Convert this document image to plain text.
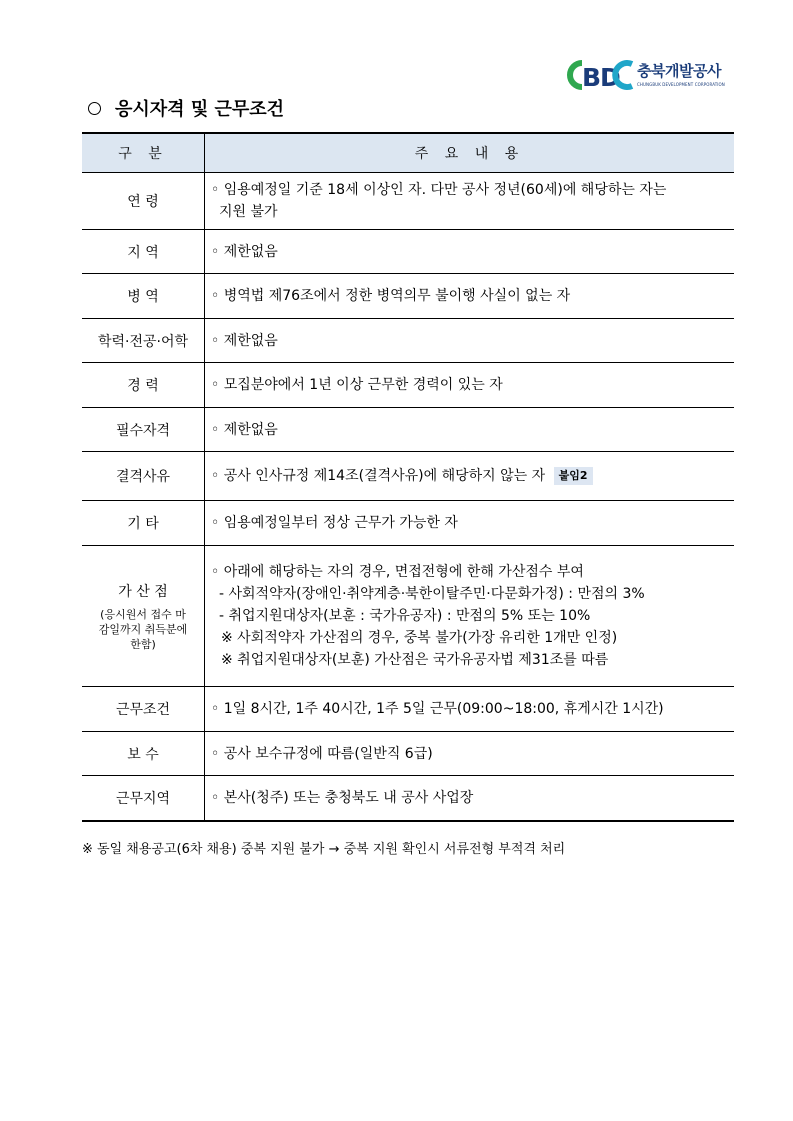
B
D 충북개발공사
CHUNGBUK DEVELOPMENT CORPORATION
응시자격 및 근무조건
구 분	주 요 내 용
연 령	◦ 임용예정일 기준 18세 이상인 자. 다만 공사 정년(60세)에 해당하는 자는

지원 불가

지 역	◦ 제한없음
병 역	◦ 병역법 제76조에서 정한 병역의무 불이행 사실이 없는 자
학력·전공·어학	◦ 제한없음
경 력	◦ 모집분야에서 1년 이상 근무한 경력이 있는 자
필수자격	◦ 제한없음
결격사유	◦ 공사 인사규정 제14조(결격사유)에 해당하지 않는 자 붙임2
기 타	◦ 임용예정일부터 정상 근무가 가능한 자
가 산 점
(응시원서 접수 마감일까지 취득분에 한함)	◦ 아래에 해당하는 자의 경우, 면접전형에 한해 가산점수 부여

- 사회적약자(장애인·취약계층·북한이탈주민·다문화가정) : 만점의 3%
- 취업지원대상자(보훈 : 국가유공자) : 만점의 5% 또는 10%
※ 사회적약자 가산점의 경우, 중복 불가(가장 유리한 1개만 인정)
※ 취업지원대상자(보훈) 가산점은 국가유공자법 제31조를 따름

근무조건	◦ 1일 8시간, 1주 40시간, 1주 5일 근무(09:00~18:00, 휴게시간 1시간)
보 수	◦ 공사 보수규정에 따름(일반직 6급)
근무지역	◦ 본사(청주) 또는 충청북도 내 공사 사업장
※ 동일 채용공고(6차 채용) 중복 지원 불가 → 중복 지원 확인시 서류전형 부적격 처리
